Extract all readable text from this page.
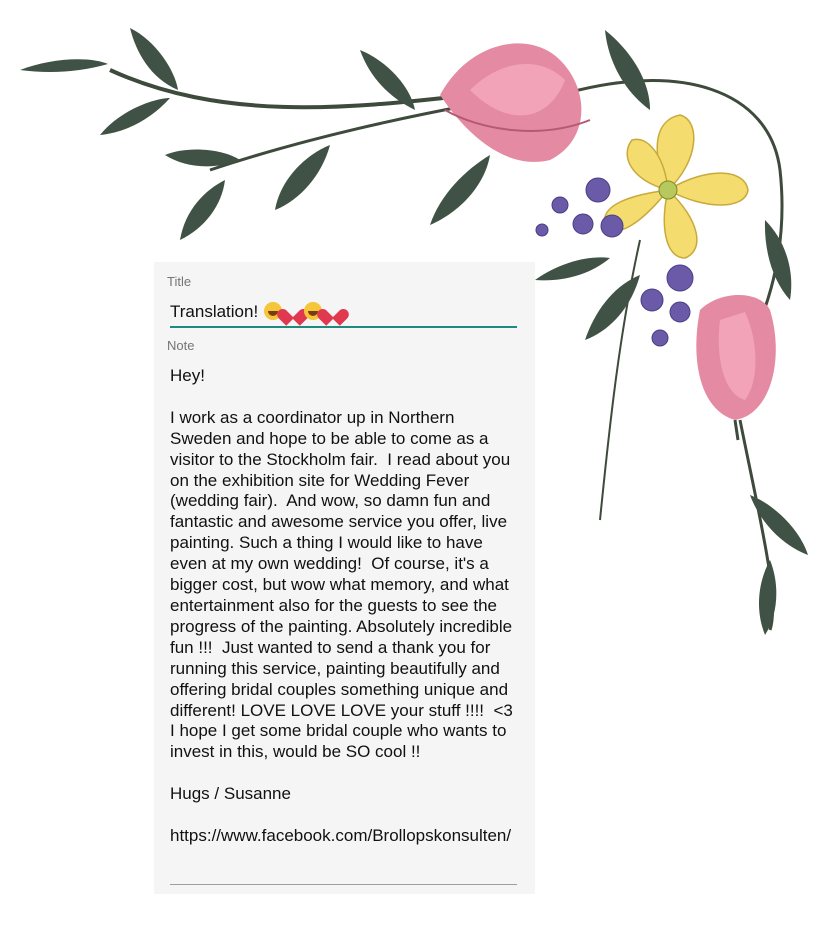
Title
Translation!
Note

Hey!

I work as a coordinator up in Northern Sweden and hope to be able to come as a visitor to the Stockholm fair.  I read about you on the exhibition site for Wedding Fever (wedding fair).  And wow, so damn fun and fantastic and awesome service you offer, live painting. Such a thing I would like to have even at my own wedding!  Of course, it's a bigger cost, but wow what memory, and what entertainment also for the guests to see the progress of the painting. Absolutely incredible fun !!!  Just wanted to send a thank you for running this service, painting beautifully and offering bridal couples something unique and different! LOVE LOVE LOVE your stuff !!!!  <3 I hope I get some bridal couple who wants to invest in this, would be SO cool !!

Hugs / Susanne

https://www.facebook.com/Brollopskonsulten/
